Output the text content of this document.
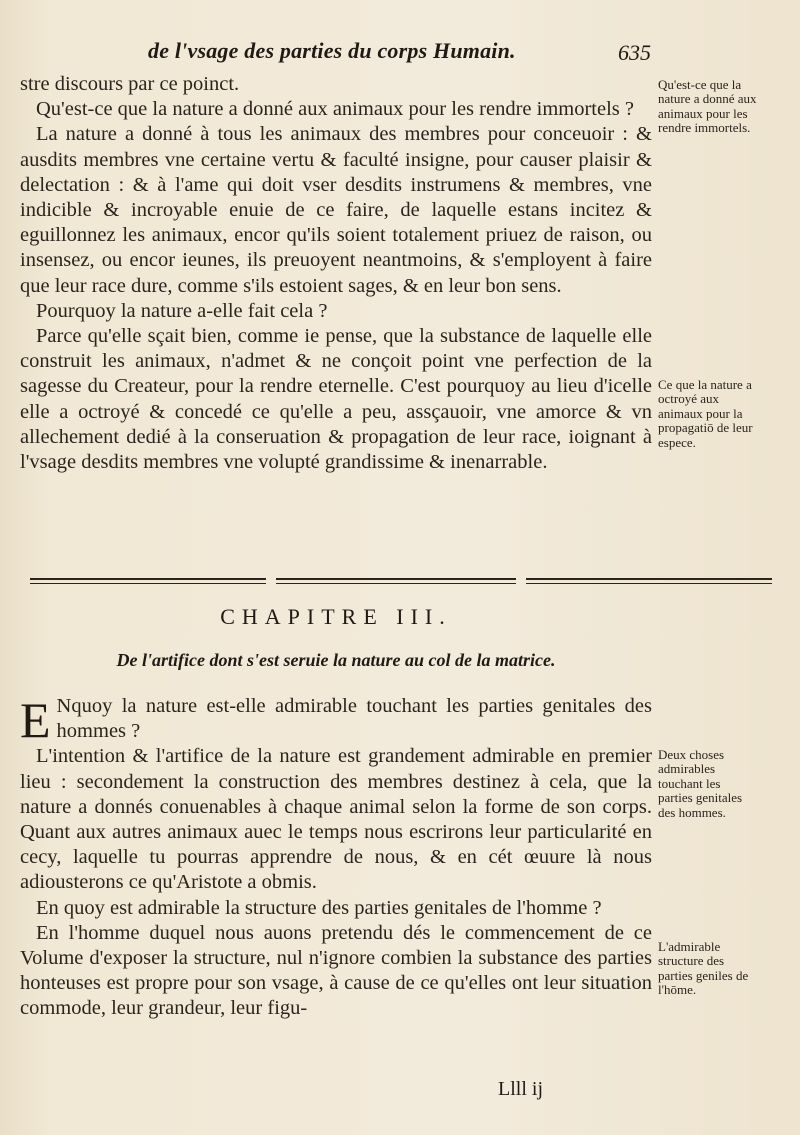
de l'vsage des parties du corps Humain.	635

stre discours par ce poinct.

Qu'est-ce que la nature a donné aux animaux pour les rendre immortels ?

La nature a donné à tous les animaux des membres pour conceuoir : & ausdits membres vne certaine vertu & faculté insigne, pour causer plaisir & delectation : & à l'ame qui doit vser desdits instrumens & membres, vne indicible & incroyable enuie de ce faire, de laquelle estans incitez & eguillonnez les animaux, encor qu'ils soient totalement priuez de raison, ou insensez, ou encor ieunes, ils preuoyent neantmoins, & s'employent à faire que leur race dure, comme s'ils estoient sages, & en leur bon sens.

Pourquoy la nature a-elle fait cela ?

Parce qu'elle sçait bien, comme ie pense, que la substance de laquelle elle construit les animaux, n'admet & ne conçoit point vne perfection de la sagesse du Createur, pour la rendre eternelle. C'est pourquoy au lieu d'icelle elle a octroyé & concedé ce qu'elle a peu, assçauoir, vne amorce & vn allechement dedié à la conseruation & propagation de leur race, ioignant à l'vsage desdits membres vne volupté grandissime & inenarrable.

Qu'est-ce que la nature a donné aux animaux pour les rendre immortels.
Ce que la nature a octroyé aux animaux pour la propagatiō de leur espece.
CHAPITRE III.
De l'artifice dont s'est seruie la nature au col de la matrice.

E Nquoy la nature est-elle admirable touchant les parties genitales des hommes ?

L'intention & l'artifice de la nature est grandement admirable en premier lieu : secondement la construction des membres destinez à cela, que la nature a donnés conuenables à chaque animal selon la forme de son corps. Quant aux autres animaux auec le temps nous escrirons leur particularité en cecy, laquelle tu pourras apprendre de nous, & en cét œuure là nous adiousterons ce qu'Aristote a obmis.

En quoy est admirable la structure des parties genitales de l'homme ?

En l'homme duquel nous auons pretendu dés le commencement de ce Volume d'exposer la structure, nul n'ignore combien la substance des parties honteuses est propre pour son vsage, à cause de ce qu'elles ont leur situation commode, leur grandeur, leur figu-

Deux choses admirables touchant les parties genitales des hommes.
L'admirable structure des parties geniles de l'hōme.
Llll ij
